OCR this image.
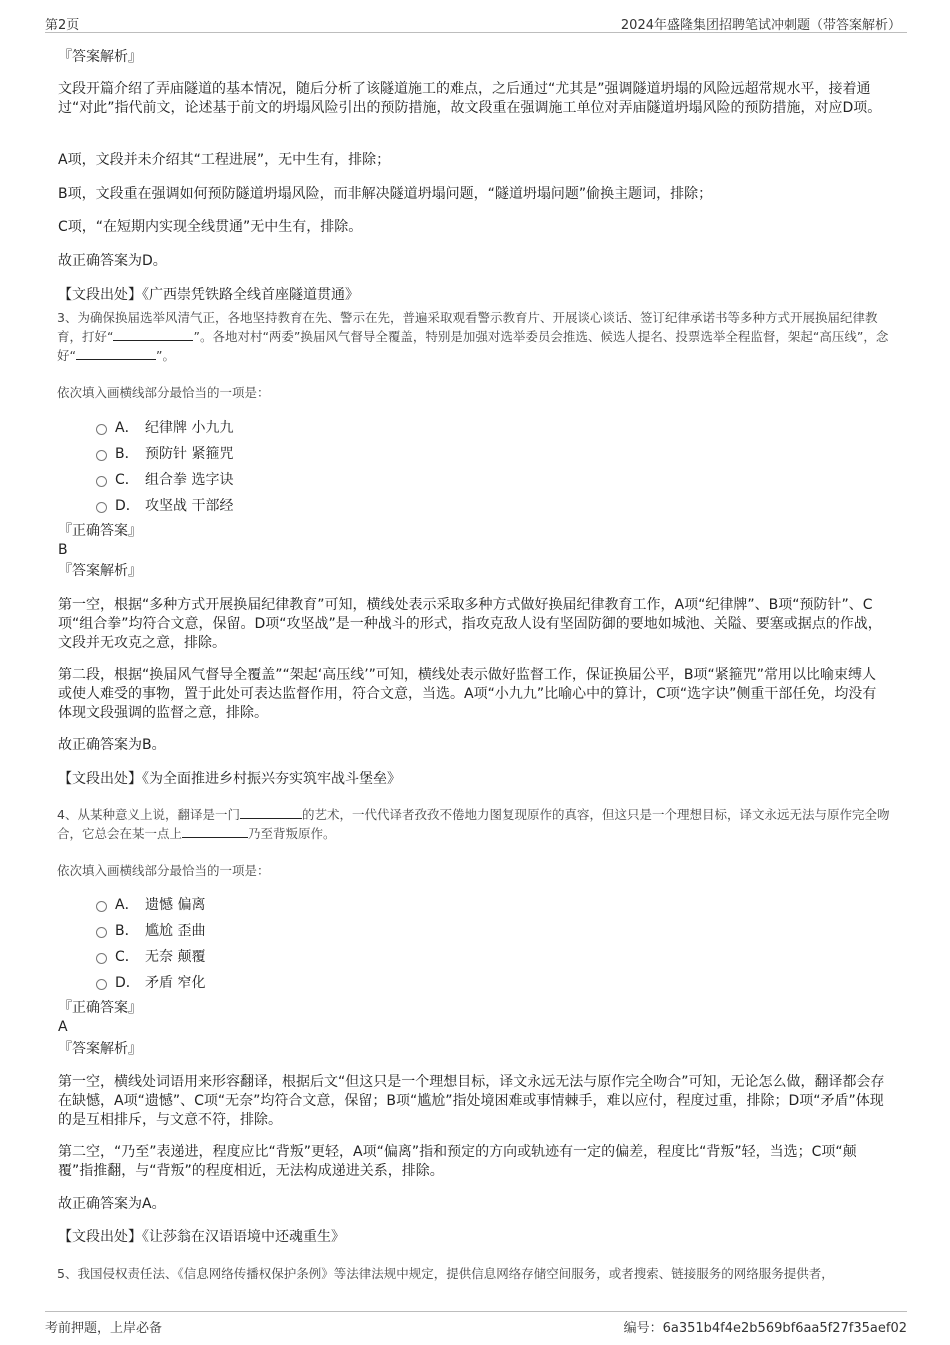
第2页	2024年盛隆集团招聘笔试冲刺题（带答案解析）
『答案解析』
文段开篇介绍了弄庙隧道的基本情况，随后分析了该隧道施工的难点，之后通过“尤其是”强调隧道坍塌的风险远超常规水平，接着通过“对此”指代前文，论述基于前文的坍塌风险引出的预防措施，故文段重在强调施工单位对弄庙隧道坍塌风险的预防措施，对应D项。
A项，文段并未介绍其“工程进展”，无中生有，排除；
B项，文段重在强调如何预防隧道坍塌风险，而非解决隧道坍塌问题，“隧道坍塌问题”偷换主题词，排除；
C项，“在短期内实现全线贯通”无中生有，排除。
故正确答案为D。
【文段出处】《广西崇凭铁路全线首座隧道贯通》
3、为确保换届选举风清气正，各地坚持教育在先、警示在先，普遍采取观看警示教育片、开展谈心谈话、签订纪律承诺书等多种方式开展换届纪律教育，打好“	”。各地对村“两委”换届风气督导全覆盖，特别是加强对选举委员会推选、候选人提名、投票选举全程监督，架起“高压线”，念好“	”。
依次填入画横线部分最恰当的一项是：
A． 纪律牌 小九九
B． 预防针 紧箍咒
C． 组合拳 选字诀
D． 攻坚战 干部经
『正确答案』
B
『答案解析』
第一空，根据“多种方式开展换届纪律教育”可知，横线处表示采取多种方式做好换届纪律教育工作，A项“纪律牌”、B项“预防针”、C项“组合拳”均符合文意，保留。D项“攻坚战”是一种战斗的形式，指攻克敌人设有坚固防御的要地如城池、关隘、要塞或据点的作战，文段并无攻克之意，排除。
第二段，根据“换届风气督导全覆盖”“架起‘高压线’”可知，横线处表示做好监督工作，保证换届公平，B项“紧箍咒”常用以比喻束缚人或使人难受的事物，置于此处可表达监督作用，符合文意，当选。A项“小九九”比喻心中的算计，C项“选字诀”侧重干部任免，均没有体现文段强调的监督之意，排除。
故正确答案为B。
【文段出处】《为全面推进乡村振兴夯实筑牢战斗堡垒》
4、从某种意义上说，翻译是一门	的艺术，一代代译者孜孜不倦地力图复现原作的真容，但这只是一个理想目标，译文永远无法与原作完全吻合，它总会在某一点上	乃至背叛原作。
依次填入画横线部分最恰当的一项是：
A． 遗憾 偏离
B． 尴尬 歪曲
C． 无奈 颠覆
D． 矛盾 窄化
『正确答案』
A
『答案解析』
第一空，横线处词语用来形容翻译，根据后文“但这只是一个理想目标，译文永远无法与原作完全吻合”可知，无论怎么做，翻译都会存在缺憾，A项“遗憾”、C项“无奈”均符合文意，保留；B项“尴尬”指处境困难或事情棘手，难以应付，程度过重，排除；D项“矛盾”体现的是互相排斥，与文意不符，排除。
第二空，“乃至”表递进，程度应比“背叛”更轻，A项“偏离”指和预定的方向或轨迹有一定的偏差，程度比“背叛”轻，当选；C项“颠覆”指推翻，与“背叛”的程度相近，无法构成递进关系，排除。
故正确答案为A。
【文段出处】《让莎翁在汉语语境中还魂重生》
5、我国侵权责任法、《信息网络传播权保护条例》等法律法规中规定，提供信息网络存储空间服务，或者搜索、链接服务的网络服务提供者，
考前押题，上岸必备	编号：6a351b4f4e2b569bf6aa5f27f35aef02
